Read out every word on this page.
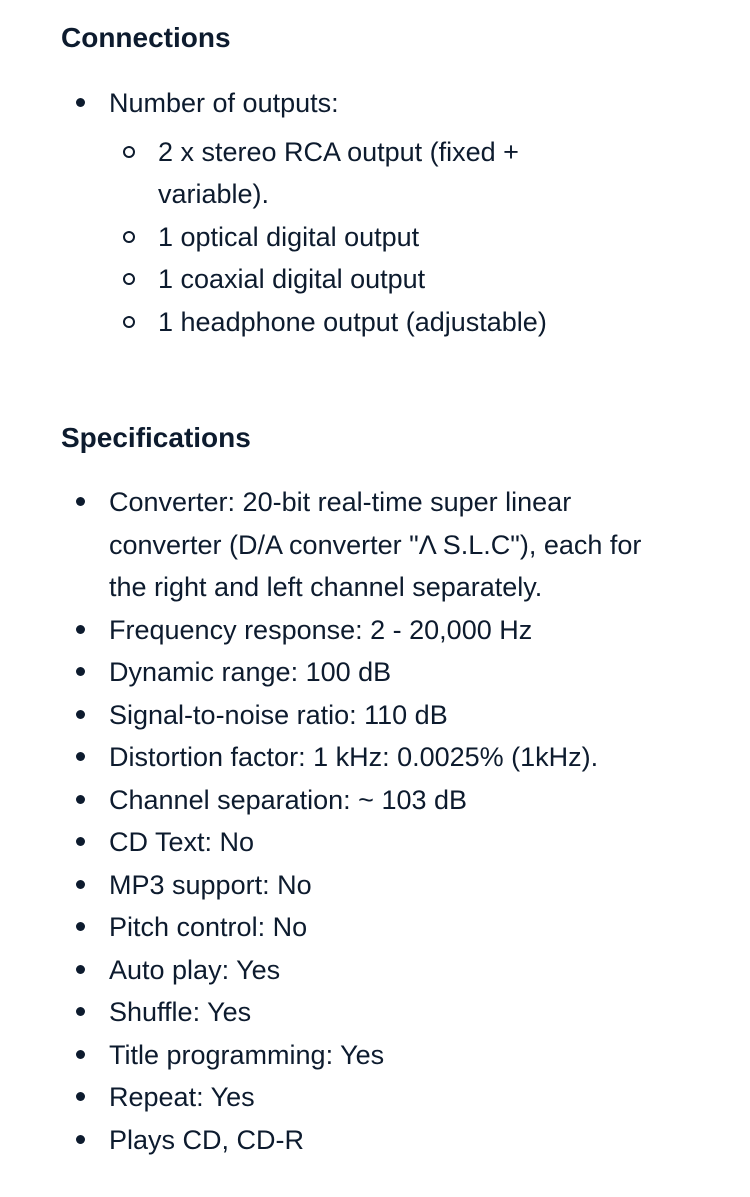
Connections
Number of outputs:
2 x stereo RCA output (fixed + variable).
1 optical digital output
1 coaxial digital output
1 headphone output (adjustable)
Specifications
Converter: 20-bit real-time super linear converter (D/A converter "Λ S.L.C"), each for the right and left channel separately.
Frequency response: 2 - 20,000 Hz
Dynamic range: 100 dB
Signal-to-noise ratio: 110 dB
Distortion factor: 1 kHz: 0.0025% (1kHz).
Channel separation: ~ 103 dB
CD Text: No
MP3 support: No
Pitch control: No
Auto play: Yes
Shuffle: Yes
Title programming: Yes
Repeat: Yes
Plays CD, CD-R
